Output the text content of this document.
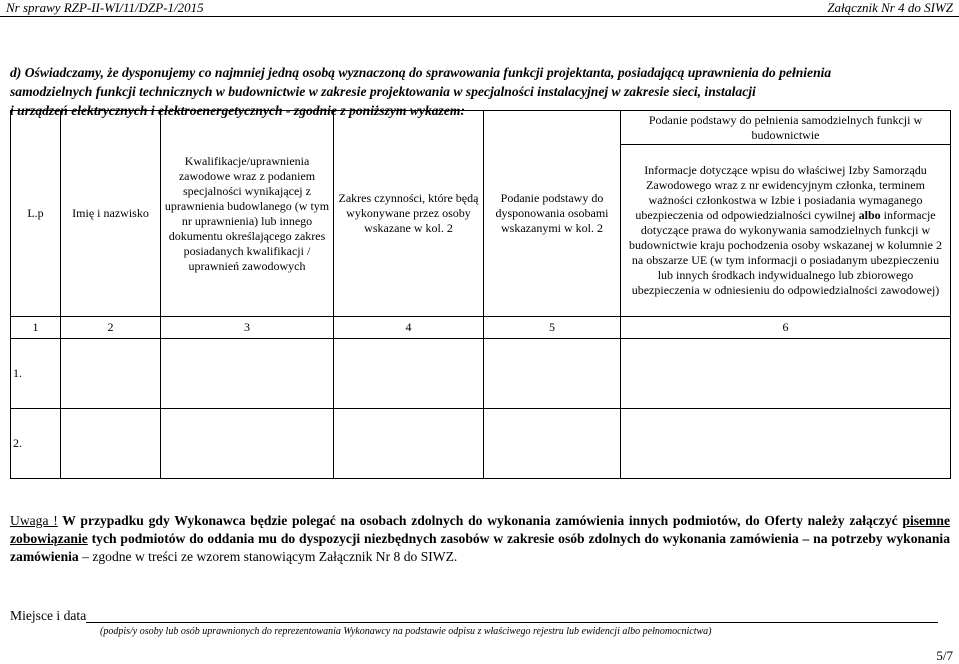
Nr sprawy RZP-II-WI/11/DZP-1/2015	Załącznik Nr 4 do SIWZ
d) Oświadczamy, że dysponujemy co najmniej jedną osobą wyznaczoną do sprawowania funkcji projektanta, posiadającą uprawnienia do pełnienia
samodzielnych funkcji technicznych w budownictwie w zakresie projektowania w specjalności instalacyjnej w zakresie sieci, instalacji
i urządzeń elektrycznych i elektroenergetycznych - zgodnie z poniższym wykazem:
L.p	Imię i nazwisko	Kwalifikacje/uprawnienia zawodowe wraz z podaniem specjalności wynikającej z uprawnienia budowlanego (w tym nr uprawnienia) lub innego dokumentu określającego zakres posiadanych kwalifikacji / uprawnień zawodowych	Zakres czynności, które będą wykonywane przez osoby wskazane w kol. 2	Podanie podstawy do dysponowania osobami wskazanymi w kol. 2	Podanie podstawy do pełnienia samodzielnych funkcji w budownictwie
					Informacje dotyczące wpisu do właściwej Izby Samorządu Zawodowego wraz z nr ewidencyjnym członka, terminem ważności członkostwa w Izbie i posiadania wymaganego ubezpieczenia od odpowiedzialności cywilnej albo informacje dotyczące prawa do wykonywania samodzielnych funkcji w budownictwie kraju pochodzenia osoby wskazanej w kolumnie 2 na obszarze UE (w tym informacji o posiadanym ubezpieczeniu lub innych środkach indywidualnego lub zbiorowego ubezpieczenia w odniesieniu do odpowiedzialności zawodowej)
1	2	3	4	5	6
1.					
2.					
Uwaga ! W przypadku gdy Wykonawca będzie polegać na osobach zdolnych do wykonania zamówienia innych podmiotów, do Oferty należy załączyć pisemne zobowiązanie tych podmiotów do oddania mu do dyspozycji niezbędnych zasobów w zakresie osób zdolnych do wykonania zamówienia – na potrzeby wykonania zamówienia – zgodne w treści ze wzorem stanowiącym Załącznik Nr 8 do SIWZ.
Miejsce i data
(podpis/y osoby lub osób uprawnionych do reprezentowania Wykonawcy na podstawie odpisu z właściwego rejestru lub ewidencji albo pełnomocnictwa)
5/7
